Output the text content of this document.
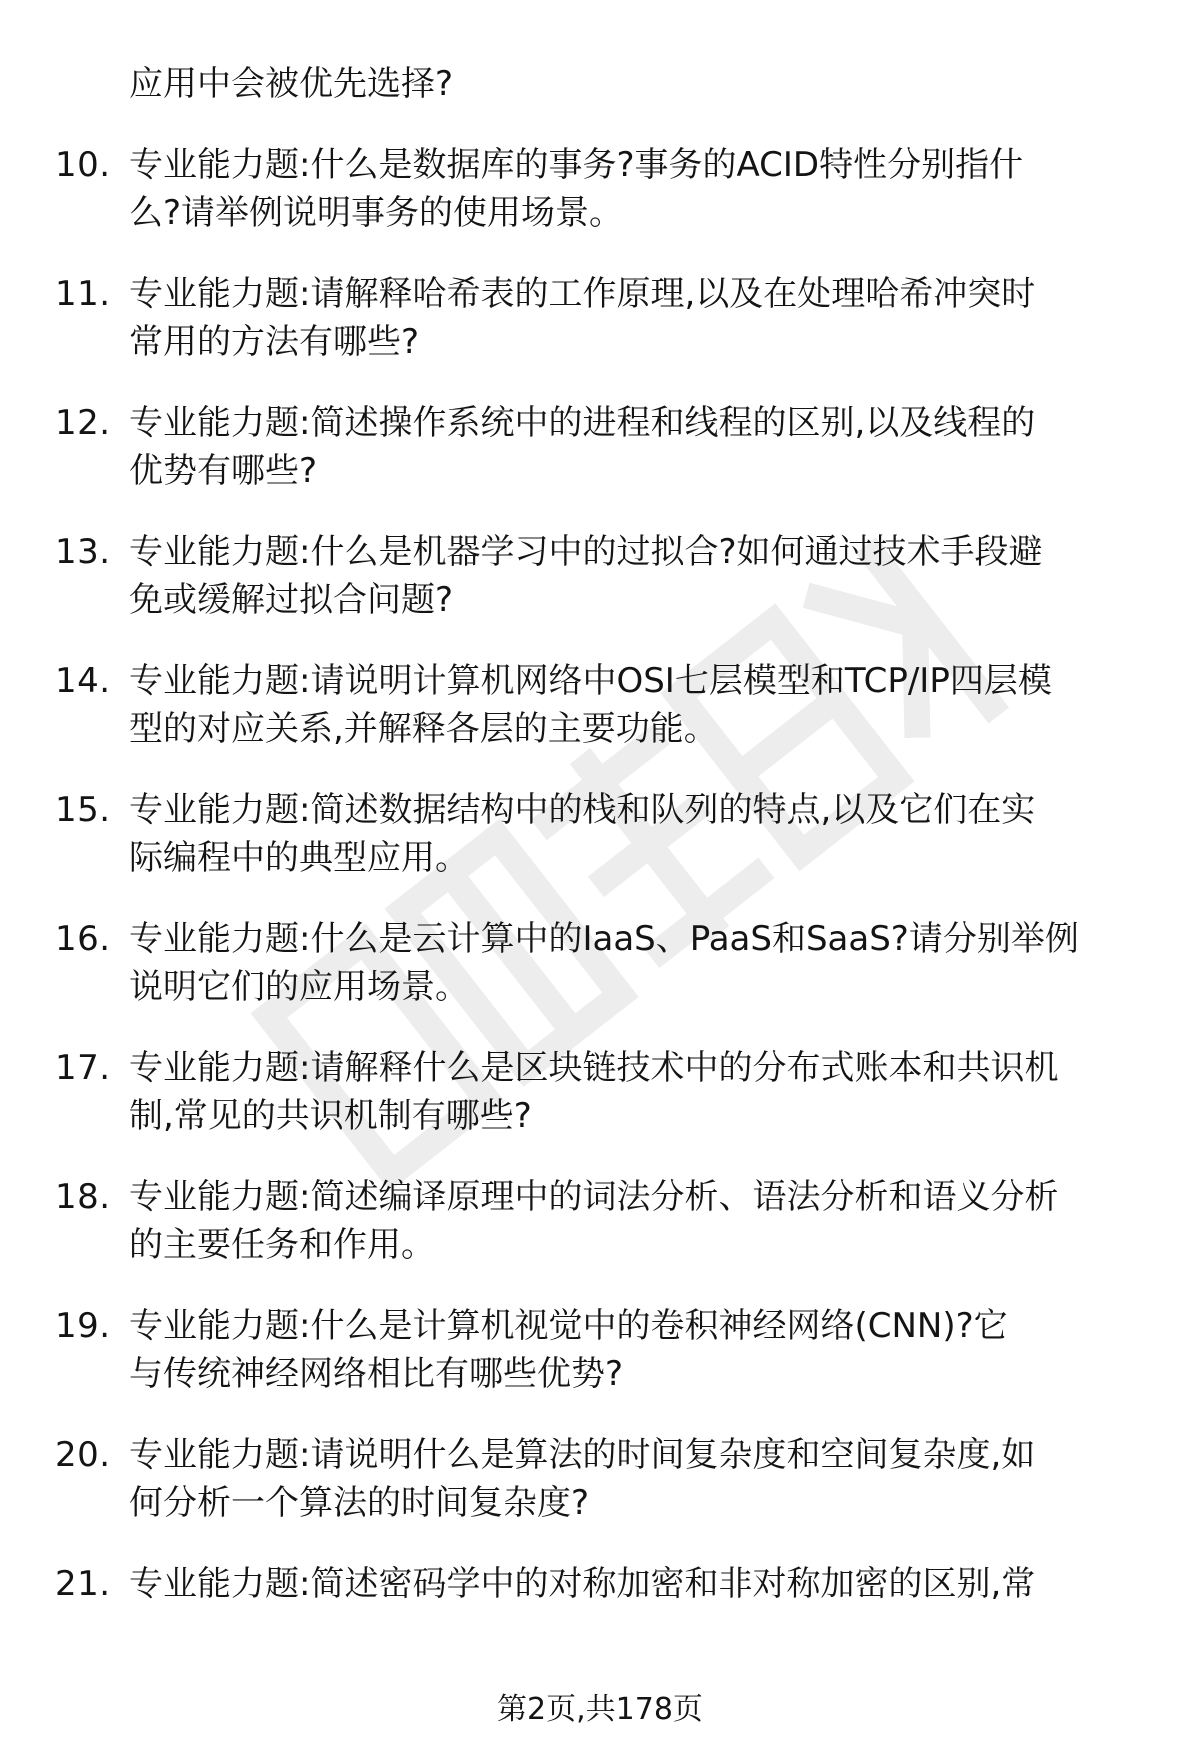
应用中会被优先选择?

10. 专业能力题:什么是数据库的事务?事务的ACID特性分别指什
么?请举例说明事务的使用场景。
11. 专业能力题:请解释哈希表的工作原理,以及在处理哈希冲突时
常用的方法有哪些?
12. 专业能力题:简述操作系统中的进程和线程的区别,以及线程的
优势有哪些?
13. 专业能力题:什么是机器学习中的过拟合?如何通过技术手段避
免或缓解过拟合问题?
14. 专业能力题:请说明计算机网络中OSI七层模型和TCP/IP四层模
型的对应关系,并解释各层的主要功能。
15. 专业能力题:简述数据结构中的栈和队列的特点,以及它们在实
际编程中的典型应用。
16. 专业能力题:什么是云计算中的IaaS、PaaS和SaaS?请分别举例
说明它们的应用场景。
17. 专业能力题:请解释什么是区块链技术中的分布式账本和共识机
制,常见的共识机制有哪些?
18. 专业能力题:简述编译原理中的词法分析、语法分析和语义分析
的主要任务和作用。
19. 专业能力题:什么是计算机视觉中的卷积神经网络(CNN)?它
与传统神经网络相比有哪些优势?
20. 专业能力题:请说明什么是算法的时间复杂度和空间复杂度,如
何分析一个算法的时间复杂度?
21. 专业能力题:简述密码学中的对称加密和非对称加密的区别,常
第2页,共178页
